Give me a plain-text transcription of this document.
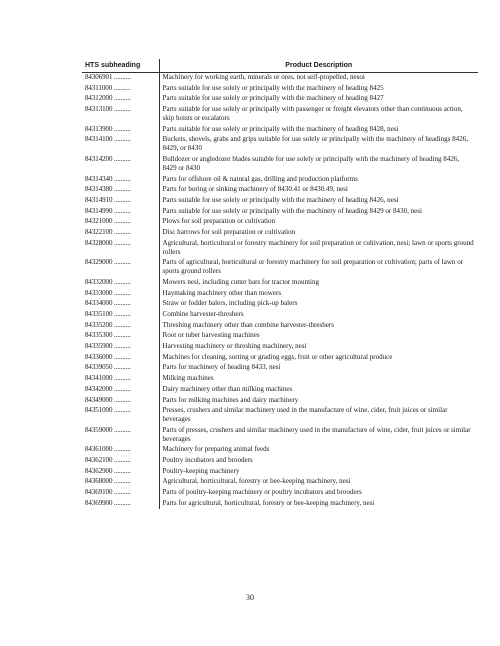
HTS subheading	Product Description
84306901 ..........	Machinery for working earth, minerals or ores, not self-propelled, nesoi
84311000 ..........	Parts suitable for use solely or principally with the machinery of heading 8425
84312000 ..........	Parts suitable for use solely or principally with the machinery of heading 8427
84313100 ..........	Parts suitable for use solely or principally with passenger or freight elevators other than continuous action, skip hoists or escalators
84313900 ..........	Parts suitable for use solely or principally with the machinery of heading 8428, nesi
84314100 ..........	Buckets, shovels, grabs and grips suitable for use solely or principally with the machinery of headings 8426, 8429, or 8430
84314200 ..........	Bulldozer or angledozer blades suitable for use solely or principally with the machinery of heading 8426, 8429 or 8430
84314340 ..........	Parts for offshore oil & natural gas, drilling and production platforms
84314380 ..........	Parts for boring or sinking machinery of 8430.41 or 8430.49, nesi
84314910 ..........	Parts suitable for use solely or principally with the machinery of heading 8426, nesi
84314990 ..........	Parts suitable for use solely or principally with the machinery of heading 8429 or 8430, nesi
84321000 ..........	Plows for soil preparation or cultivation
84322100 ..........	Disc harrows for soil preparation or cultivation
84328000 ..........	Agricultural, horticultural or forestry machinery for soil preparation or cultivation, nesi; lawn or sports ground rollers
84329000 ..........	Parts of agricultural, horticultural or forestry machinery for soil preparation or cultivation; parts of lawn or sports ground rollers
84332000 ..........	Mowers nesi, including cutter bars for tractor mounting
84333000 ..........	Haymaking machinery other than mowers
84334000 ..........	Straw or fodder balers, including pick-up balers
84335100 ..........	Combine harvester-threshers
84335200 ..........	Threshing machinery other than combine harvester-threshers
84335300 ..........	Root or tuber harvesting machines
84335900 ..........	Harvesting machinery or threshing machinery, nesi
84336000 ..........	Machines for cleaning, sorting or grading eggs, fruit or other agricultural produce
84339050 ..........	Parts for machinery of heading 8433, nesi
84341000 ..........	Milking machines
84342000 ..........	Dairy machinery other than milking machines
84349000 ..........	Parts for milking machines and dairy machinery
84351000 ..........	Presses, crushers and similar machinery used in the manufacture of wine, cider, fruit juices or similar beverages
84359000 ..........	Parts of presses, crushers and similar machinery used in the manufacture of wine, cider, fruit juices or similar beverages
84361000 ..........	Machinery for preparing animal feeds
84362100 ..........	Poultry incubators and brooders
84362900 ..........	Poultry-keeping machinery
84368000 ..........	Agricultural, horticultural, forestry or bee-keeping machinery, nesi
84369100 ..........	Parts of poultry-keeping machinery or poultry incubators and brooders
84369900 ..........	Parts for agricultural, horticultural, forestry or bee-keeping machinery, nesi
30
